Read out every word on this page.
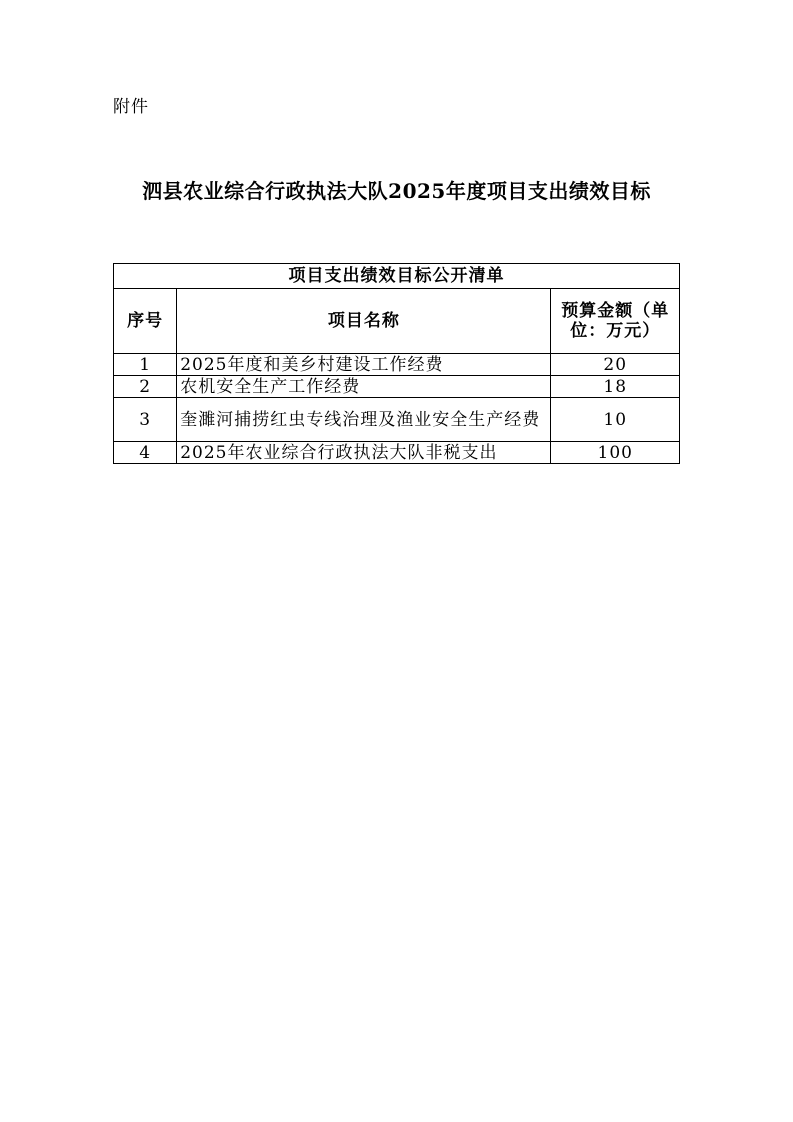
附件
泗县农业综合行政执法大队2025年度项目支出绩效目标
项目支出绩效目标公开清单		
序号	项目名称	预算金额（单位：万元）
1	2025年度和美乡村建设工作经费	20
2	农机安全生产工作经费	18
3	奎濉河捕捞红虫专线治理及渔业安全生产经费	10
4	2025年农业综合行政执法大队非税支出	100
